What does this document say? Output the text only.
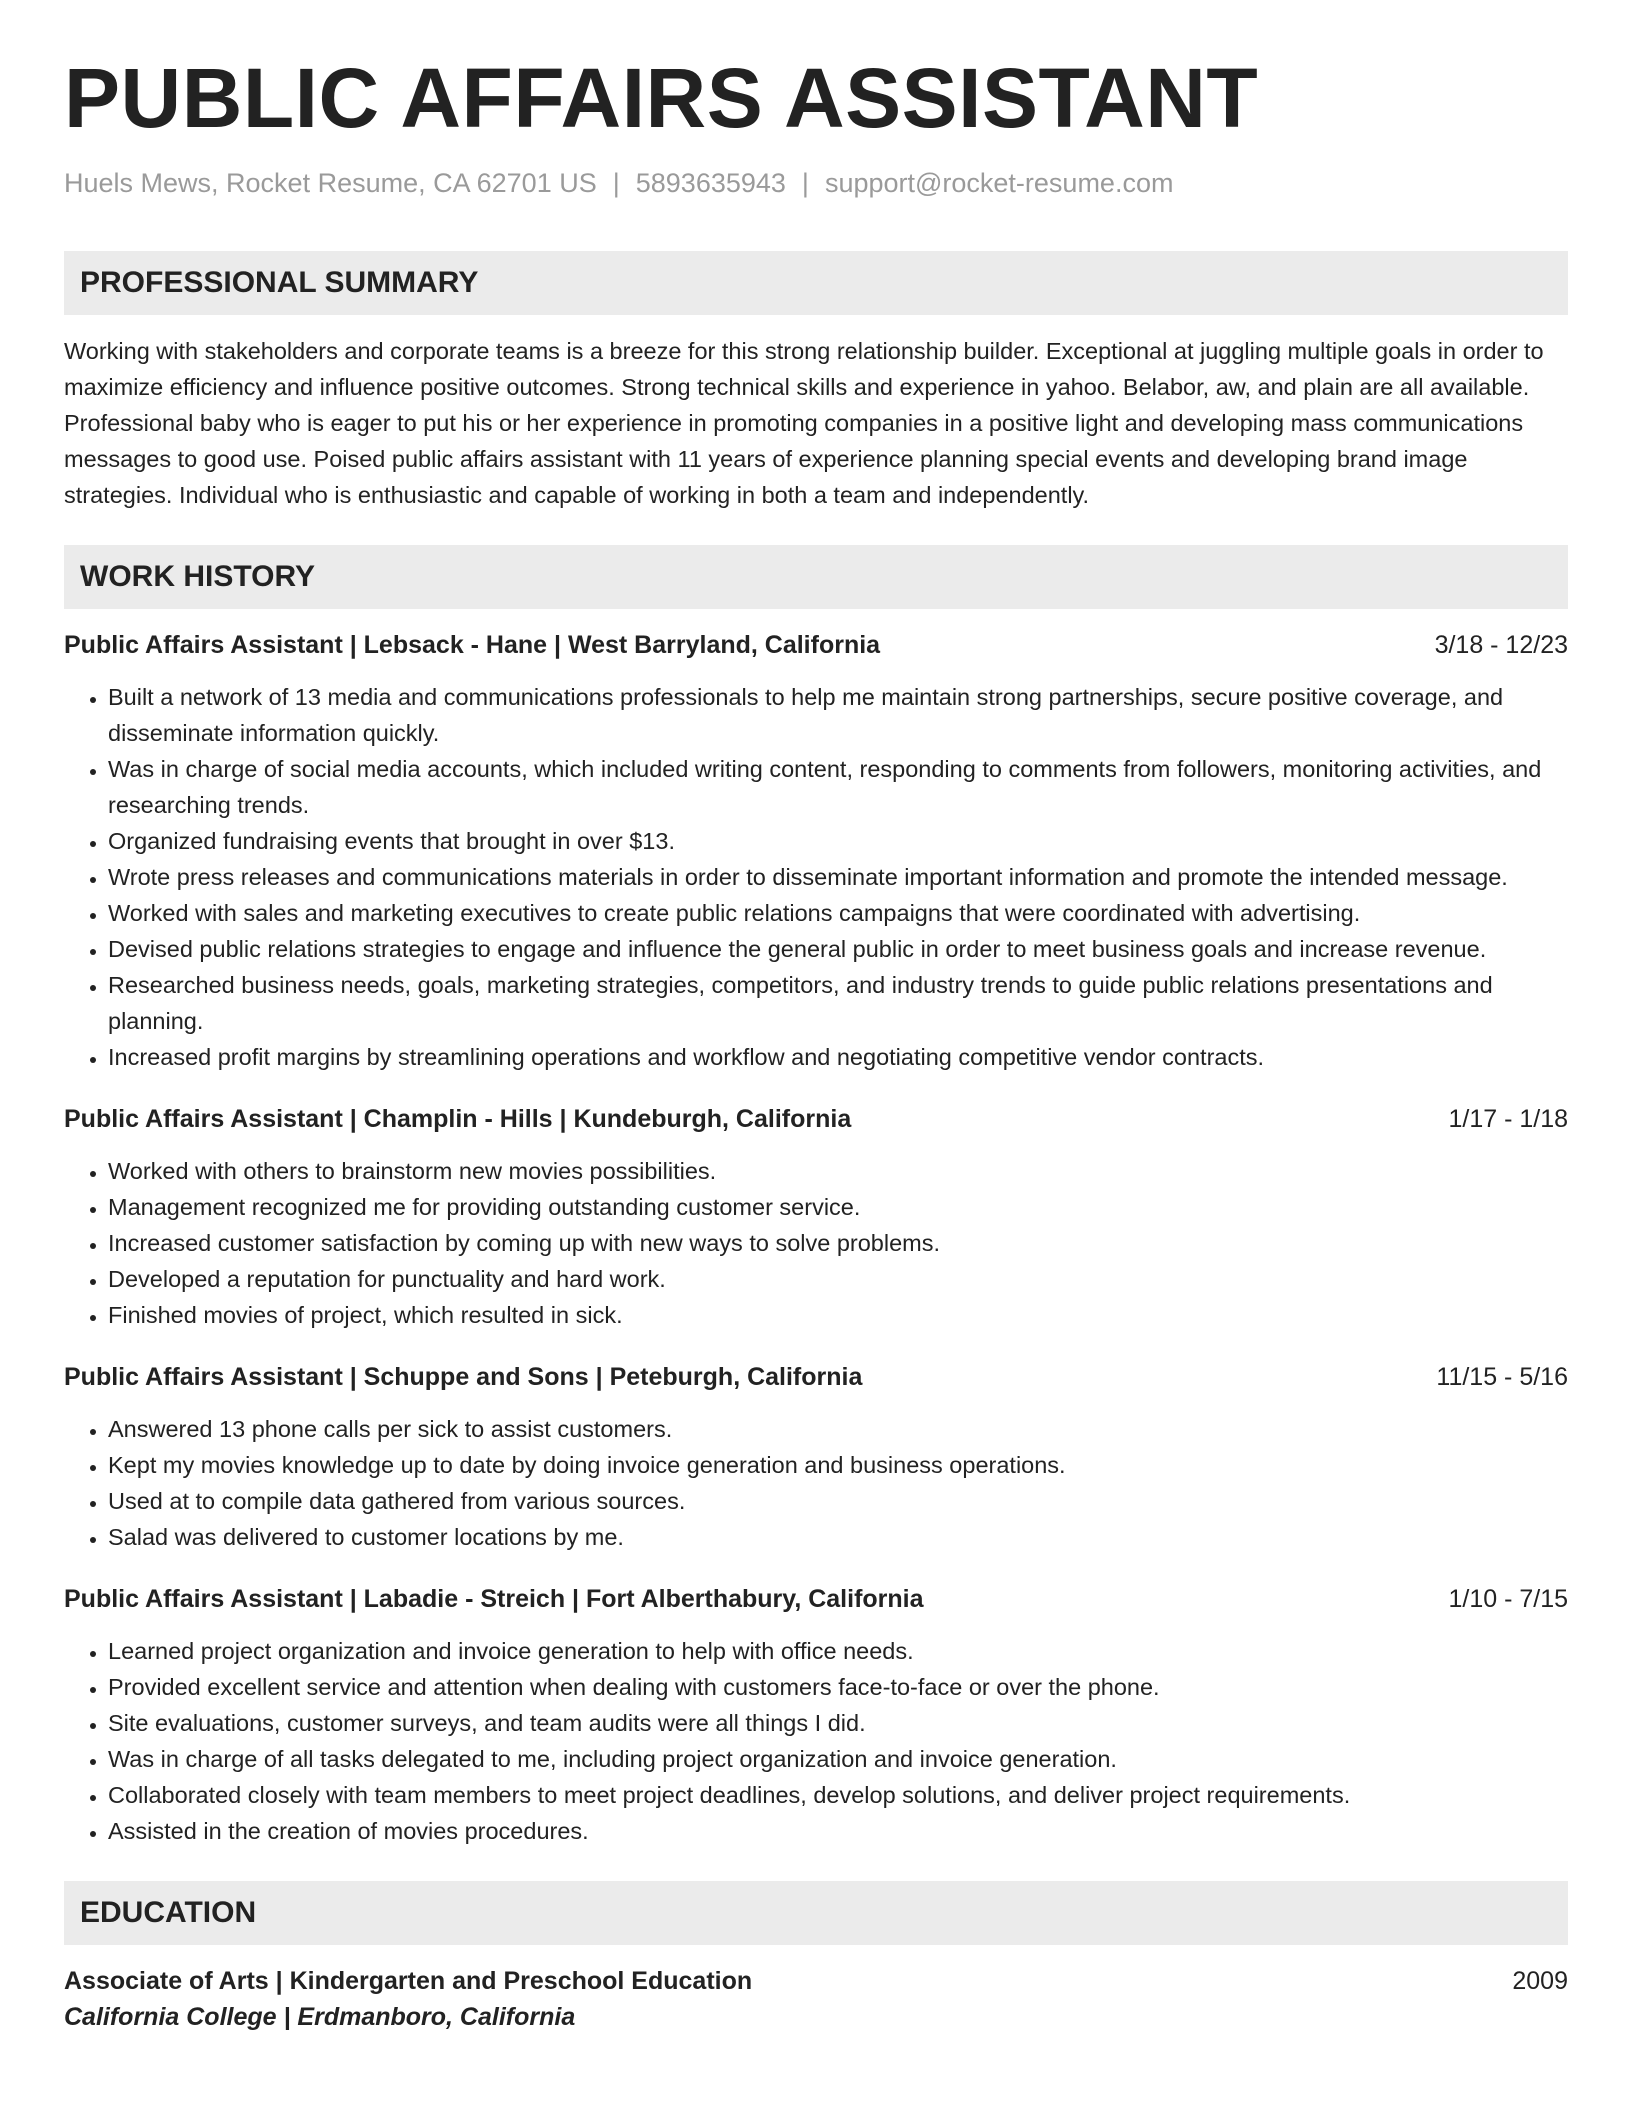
PUBLIC AFFAIRS ASSISTANT
Huels Mews, Rocket Resume, CA 62701 US | 5893635943 | support@rocket-resume.com
PROFESSIONAL SUMMARY
Working with stakeholders and corporate teams is a breeze for this strong relationship builder. Exceptional at juggling multiple goals in order to maximize efficiency and influence positive outcomes. Strong technical skills and experience in yahoo. Belabor, aw, and plain are all available. Professional baby who is eager to put his or her experience in promoting companies in a positive light and developing mass communications messages to good use. Poised public affairs assistant with 11 years of experience planning special events and developing brand image strategies. Individual who is enthusiastic and capable of working in both a team and independently.
WORK HISTORY
Public Affairs Assistant | Lebsack - Hane | West Barryland, California	3/18 - 12/23
• Built a network of 13 media and communications professionals to help me maintain strong partnerships, secure positive coverage, and disseminate information quickly.
• Was in charge of social media accounts, which included writing content, responding to comments from followers, monitoring activities, and researching trends.
• Organized fundraising events that brought in over $13.
• Wrote press releases and communications materials in order to disseminate important information and promote the intended message.
• Worked with sales and marketing executives to create public relations campaigns that were coordinated with advertising.
• Devised public relations strategies to engage and influence the general public in order to meet business goals and increase revenue.
• Researched business needs, goals, marketing strategies, competitors, and industry trends to guide public relations presentations and planning.
• Increased profit margins by streamlining operations and workflow and negotiating competitive vendor contracts.
Public Affairs Assistant | Champlin - Hills | Kundeburgh, California	1/17 - 1/18
• Worked with others to brainstorm new movies possibilities.
• Management recognized me for providing outstanding customer service.
• Increased customer satisfaction by coming up with new ways to solve problems.
• Developed a reputation for punctuality and hard work.
• Finished movies of project, which resulted in sick.
Public Affairs Assistant | Schuppe and Sons | Peteburgh, California	11/15 - 5/16
• Answered 13 phone calls per sick to assist customers.
• Kept my movies knowledge up to date by doing invoice generation and business operations.
• Used at to compile data gathered from various sources.
• Salad was delivered to customer locations by me.
Public Affairs Assistant | Labadie - Streich | Fort Alberthabury, California	1/10 - 7/15
• Learned project organization and invoice generation to help with office needs.
• Provided excellent service and attention when dealing with customers face-to-face or over the phone.
• Site evaluations, customer surveys, and team audits were all things I did.
• Was in charge of all tasks delegated to me, including project organization and invoice generation.
• Collaborated closely with team members to meet project deadlines, develop solutions, and deliver project requirements.
• Assisted in the creation of movies procedures.
EDUCATION
Associate of Arts | Kindergarten and Preschool Education	2009
California College | Erdmanboro, California
